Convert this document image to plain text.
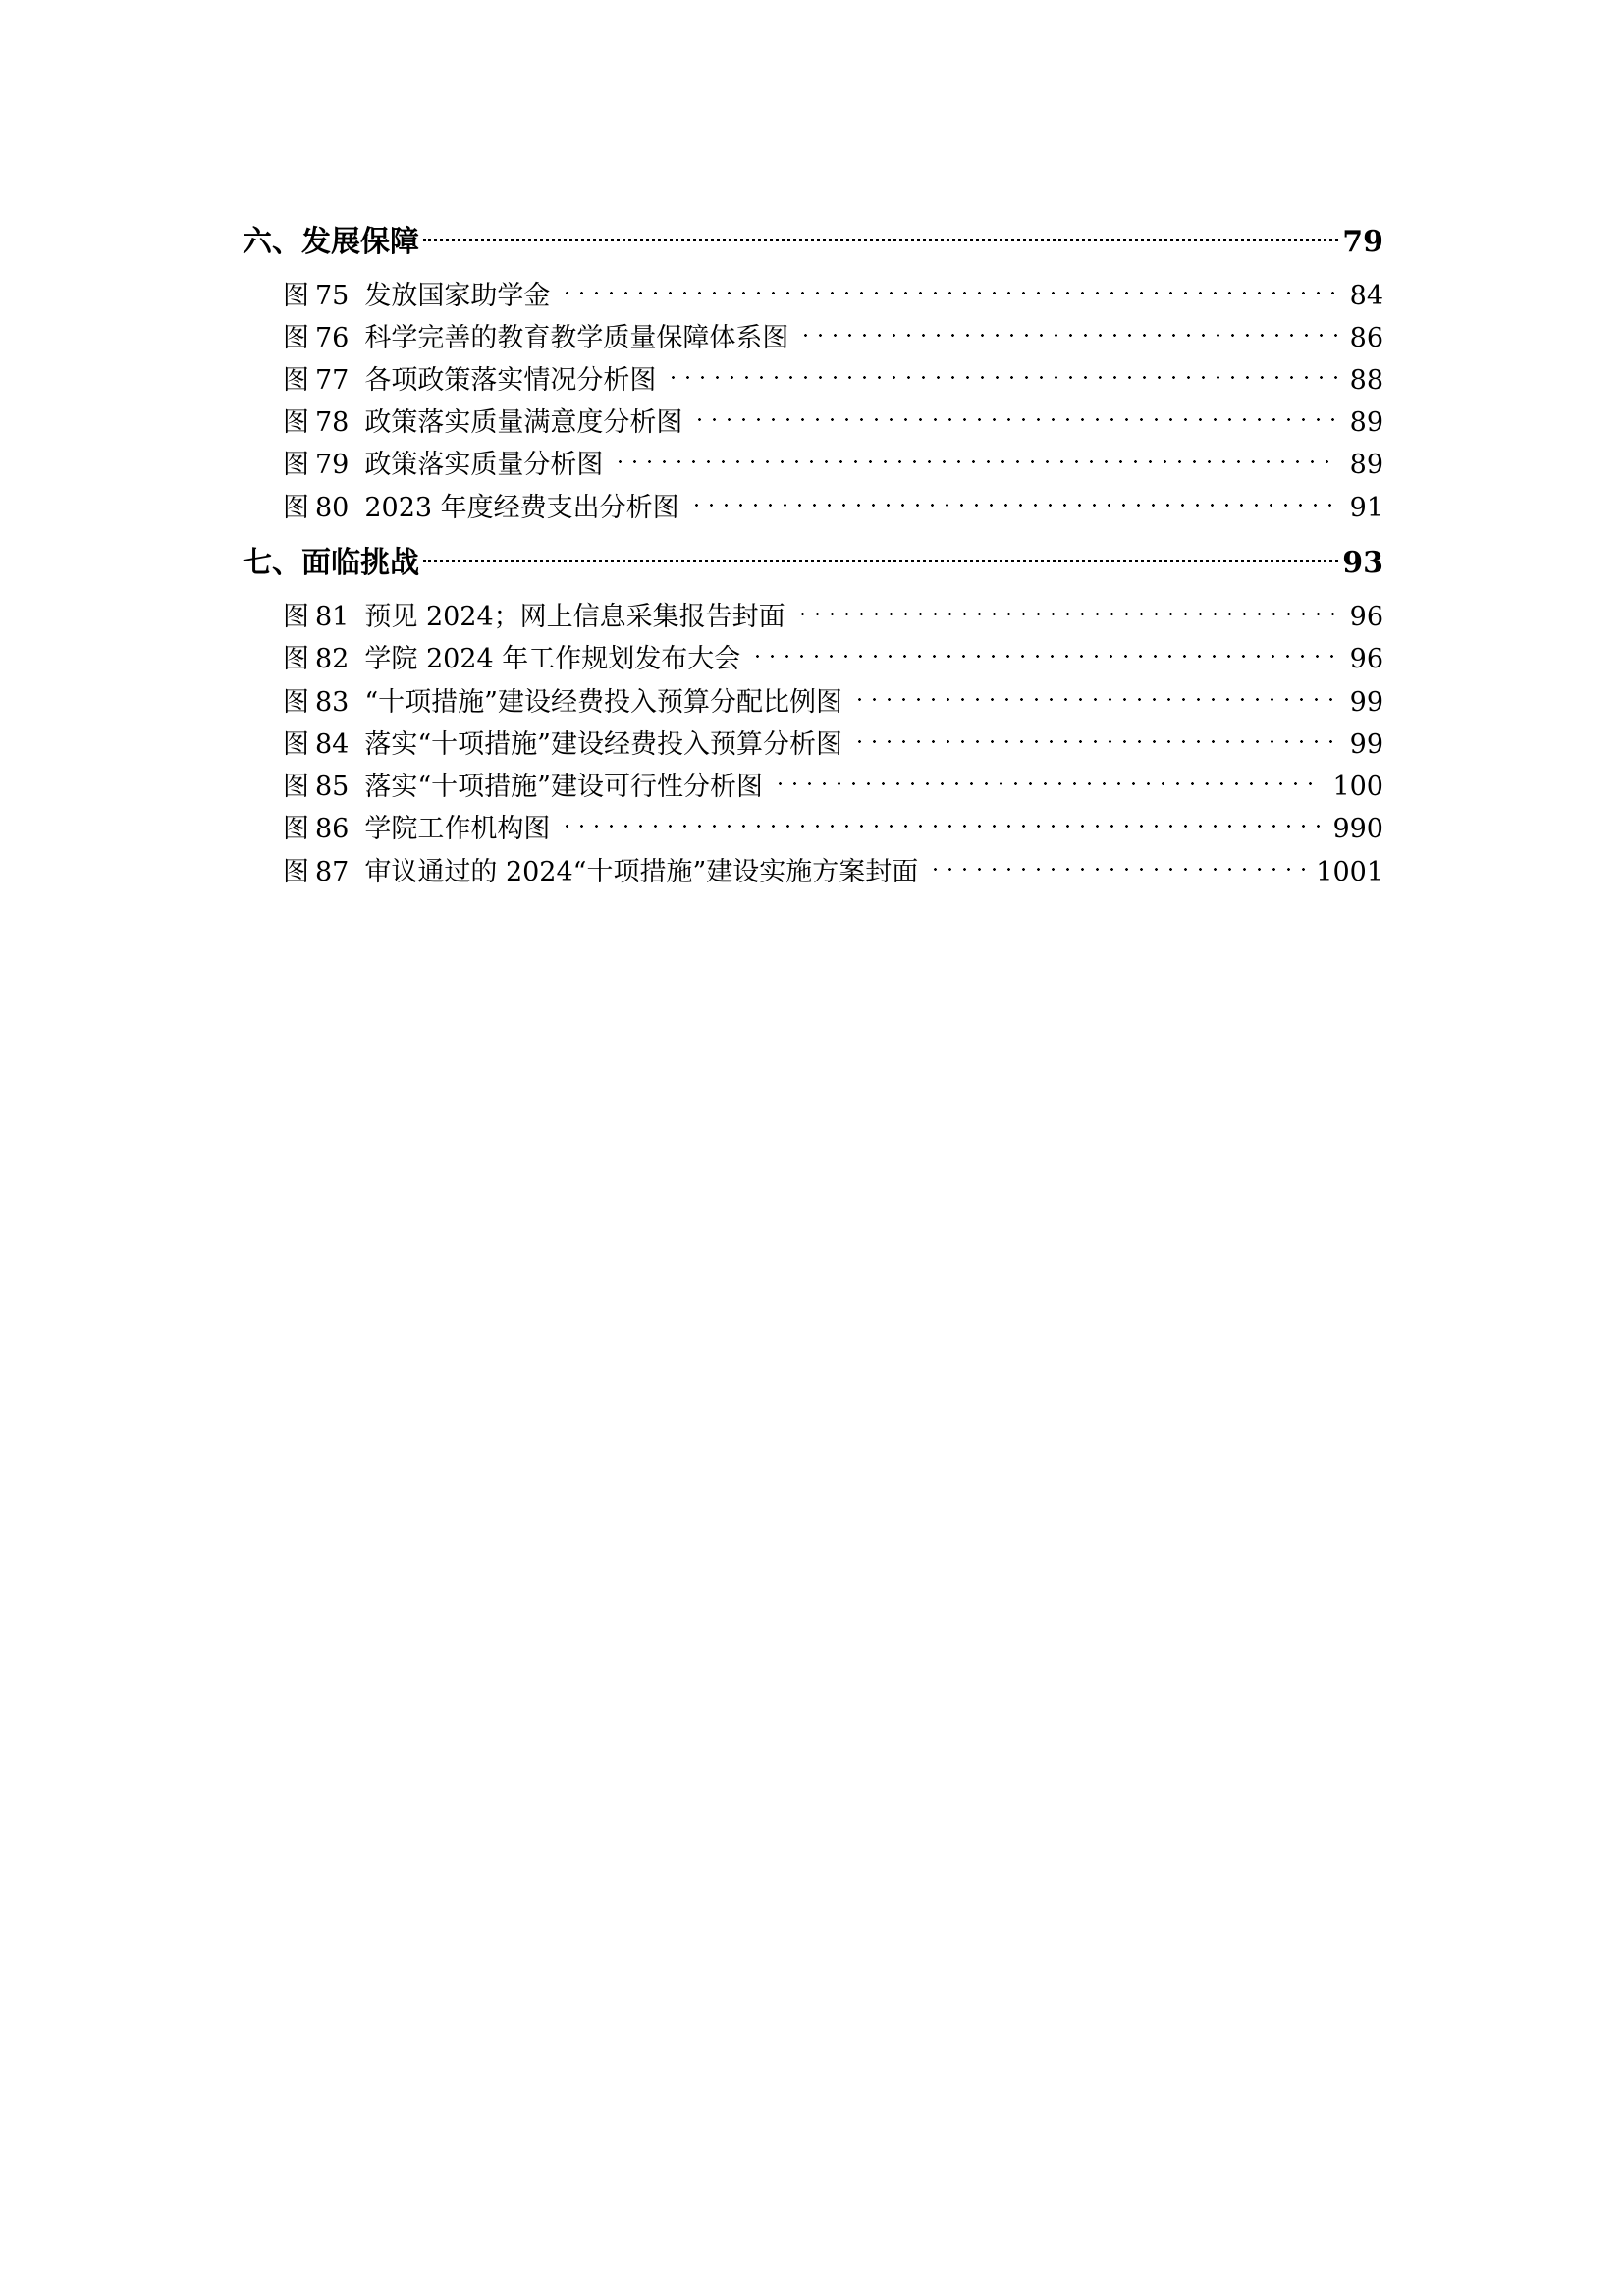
六、发展保障	79
图 75 发放国家助学金	84
图 76 科学完善的教育教学质量保障体系图	86
图 77 各项政策落实情况分析图	88
图 78 政策落实质量满意度分析图	89
图 79 政策落实质量分析图	89
图 80 2023 年度经费支出分析图	91
七、面临挑战	93
图 81 预见 2024；网上信息采集报告封面	96
图 82 学院 2024 年工作规划发布大会	96
图 83 “十项措施”建设经费投入预算分配比例图	99
图 84 落实“十项措施”建设经费投入预算分析图	99
图 85 落实“十项措施”建设可行性分析图	100
图 86 学院工作机构图	990
图 87 审议通过的 2024“十项措施”建设实施方案封面	1001
